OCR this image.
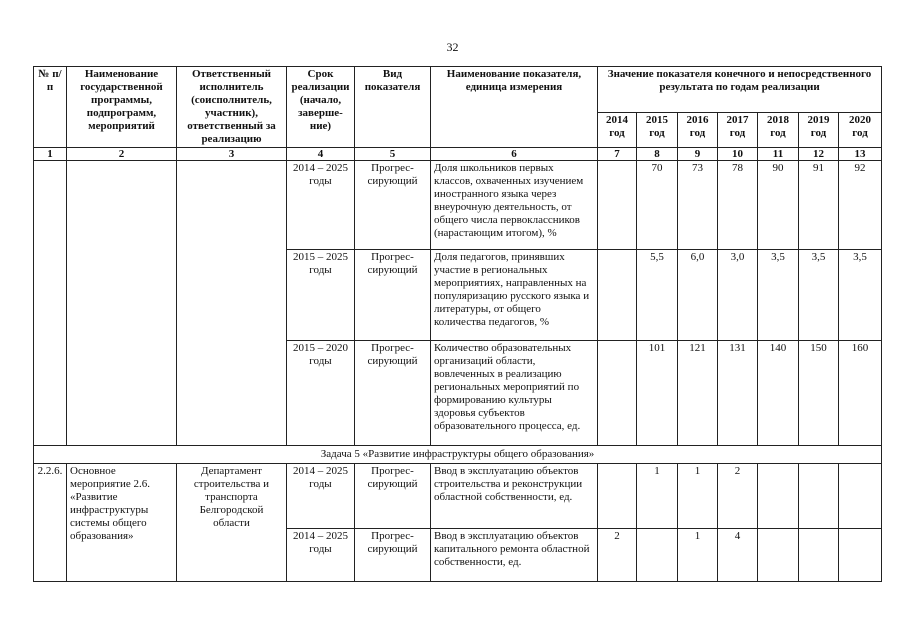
32
№ п/п	Наименование государственной программы, подпрограмм, мероприятий	Ответственный исполнитель (соисполнитель, участник), ответственный за реализацию	Срок реализации (начало, заверше-ние)	Вид показателя	Наименование показателя, единица измерения	Значение показателя конечного и непосредственного результата по годам реализации						
						2014 год	2015 год	2016 год	2017 год	2018 год	2019 год	2020 год
1	2	3	4	5	6	7	8	9	10	11	12	13
			2014 – 2025 годы	Прогрес-сирующий	Доля школьников первых классов, охваченных изучением иностранного языка через внеурочную деятельность, от общего числа первоклассников (нарастающим итогом), %		70	73	78	90	91	92
			2015 – 2025 годы	Прогрес-сирующий	Доля педагогов, принявших участие в региональных мероприятиях, направленных на популяризацию русского языка и литературы, от общего количества педагогов, %		5,5	6,0	3,0	3,5	3,5	3,5
			2015 – 2020 годы	Прогрес-сирующий	Количество образовательных организаций области, вовлеченных в реализацию региональных мероприятий по формированию культуры здоровья субъектов образовательного процесса, ед.		101	121	131	140	150	160
Задача 5 «Развитие инфраструктуры общего образования»												
2.2.6.	Основное мероприятие 2.6. «Развитие инфраструктуры системы общего образования»	Департамент строительства и транспорта Белгородской области	2014 – 2025 годы	Прогрес-сирующий	Ввод в эксплуатацию объектов строительства и реконструкции областной собственности, ед.		1	1	2			
			2014 – 2025 годы	Прогрес-сирующий	Ввод в эксплуатацию объектов капитального ремонта областной собственности, ед.	2		1	4			
